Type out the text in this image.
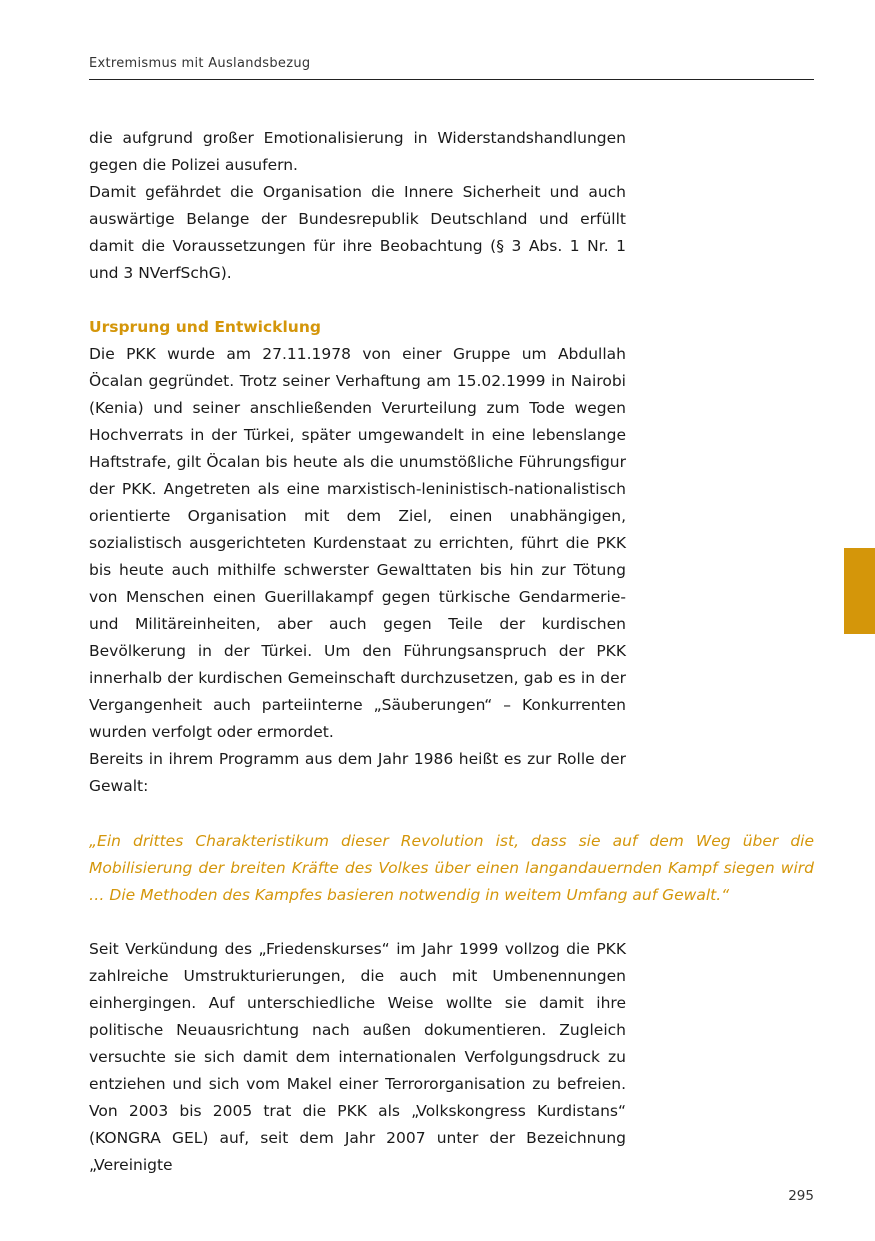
Extremismus mit Auslandsbezug

die aufgrund großer Emotionalisierung in Widerstandshandlungen gegen die Polizei ausufern.

Damit gefährdet die Organisation die Innere Sicherheit und auch auswärtige Belange der Bundesrepublik Deutschland und erfüllt damit die Voraussetzungen für ihre Beobachtung (§ 3 Abs. 1 Nr. 1 und 3 NVerfSchG).

Ursprung und Entwicklung

Die PKK wurde am 27.11.1978 von einer Gruppe um Abdullah Öcalan gegründet. Trotz seiner Verhaftung am 15.02.1999 in Nairobi (Kenia) und seiner anschließenden Verurteilung zum Tode wegen Hochverrats in der Türkei, später umgewandelt in eine lebenslange Haftstrafe, gilt Öcalan bis heute als die unumstößliche Führungsfigur der PKK. Angetreten als eine marxistisch-leninistisch-nationalistisch orientierte Organisation mit dem Ziel, einen unabhängigen, sozialistisch ausgerichteten Kurdenstaat zu errichten, führt die PKK bis heute auch mithilfe schwerster Gewalttaten bis hin zur Tötung von Menschen einen Guerillakampf gegen türkische Gendarmerie- und Militäreinheiten, aber auch gegen Teile der kurdischen Bevölkerung in der Türkei. Um den Führungsanspruch der PKK innerhalb der kurdischen Gemeinschaft durchzusetzen, gab es in der Vergangenheit auch parteiinterne „Säuberungen“ – Konkurrenten wurden verfolgt oder ermordet.

Bereits in ihrem Programm aus dem Jahr 1986 heißt es zur Rolle der Gewalt:

„Ein drittes Charakteristikum dieser Revolution ist, dass sie auf dem Weg über die Mobilisierung der breiten Kräfte des Volkes über einen langandauernden Kampf siegen wird … Die Methoden des Kampfes basieren notwendig in weitem Umfang auf Gewalt.“

Seit Verkündung des „Friedenskurses“ im Jahr 1999 vollzog die PKK zahlreiche Umstrukturierungen, die auch mit Umbenennungen einhergingen. Auf unterschiedliche Weise wollte sie damit ihre politische Neuausrichtung nach außen dokumentieren. Zugleich versuchte sie sich damit dem internationalen Verfolgungsdruck zu entziehen und sich vom Makel einer Terrororganisation zu befreien. Von 2003 bis 2005 trat die PKK als „Volkskongress Kurdistans“ (KONGRA GEL) auf, seit dem Jahr 2007 unter der Bezeichnung „Vereinigte

295
